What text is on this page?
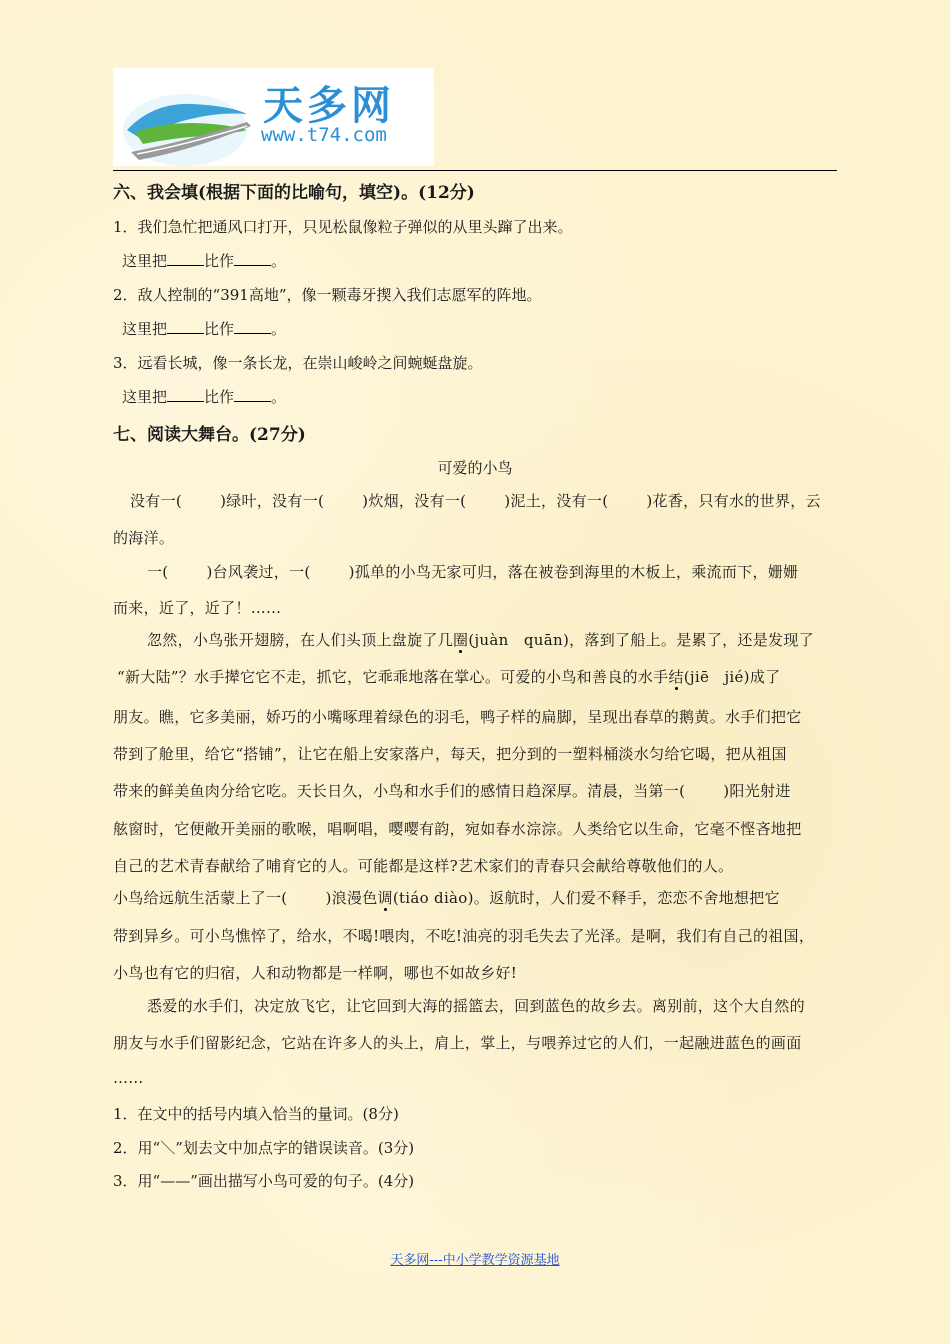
天多网
www.t74.com
六、我会填(根据下面的比喻句，填空)。(12分)
1．我们急忙把通风口打开，只见松鼠像粒子弹似的从里头蹿了出来。
这里把 比作 。
2．敌人控制的“391高地”，像一颗毒牙揳入我们志愿军的阵地。
这里把 比作 。
3．远看长城，像一条长龙，在崇山峻岭之间蜿蜒盘旋。
这里把 比作 。
七、阅读大舞台。(27分)
可爱的小鸟
没有一(	)绿叶，没有一(	)炊烟，没有一(	)泥土，没有一(	)花香，只有水的世界，云
的海洋。
一(	)台风袭过，一(	)孤单的小鸟无家可归，落在被卷到海里的木板上，乘流而下，姗姗
而来，近了，近了！……
忽然，小鸟张开翅膀，在人们头顶上盘旋了几圈(juàn　quān)，落到了船上。是累了，还是发现了
“新大陆”？水手撵它它不走，抓它，它乖乖地落在掌心。可爱的小鸟和善良的水手结(jiē　jié)成了
朋友。瞧，它多美丽，娇巧的小嘴啄理着绿色的羽毛，鸭子样的扁脚，呈现出春草的鹅黄。水手们把它
带到了舱里，给它“搭铺”，让它在船上安家落户，每天，把分到的一塑料桶淡水匀给它喝，把从祖国
带来的鲜美鱼肉分给它吃。天长日久，小鸟和水手们的感情日趋深厚。清晨，当第一(	)阳光射进
舷窗时，它便敞开美丽的歌喉，唱啊唱，嘤嘤有韵，宛如春水淙淙。人类给它以生命，它毫不悭吝地把
自己的艺术青春献给了哺育它的人。可能都是这样?艺术家们的青春只会献给尊敬他们的人。
小鸟给远航生活蒙上了一(	)浪漫色调(tiáo diào)。返航时，人们爱不释手，恋恋不舍地想把它
带到异乡。可小鸟憔悴了，给水，不喝!喂肉，不吃!油亮的羽毛失去了光泽。是啊，我们有自己的祖国，
小鸟也有它的归宿，人和动物都是一样啊，哪也不如故乡好!
悉爱的水手们，决定放飞它，让它回到大海的摇篮去，回到蓝色的故乡去。离别前，这个大自然的
朋友与水手们留影纪念，它站在许多人的头上，肩上，掌上，与喂养过它的人们，一起融进蓝色的画面
……
1．在文中的括号内填入恰当的量词。(8分)
2．用“＼”划去文中加点字的错误读音。(3分)
3．用“——”画出描写小鸟可爱的句子。(4分)
天多网---中小学教学资源基地
